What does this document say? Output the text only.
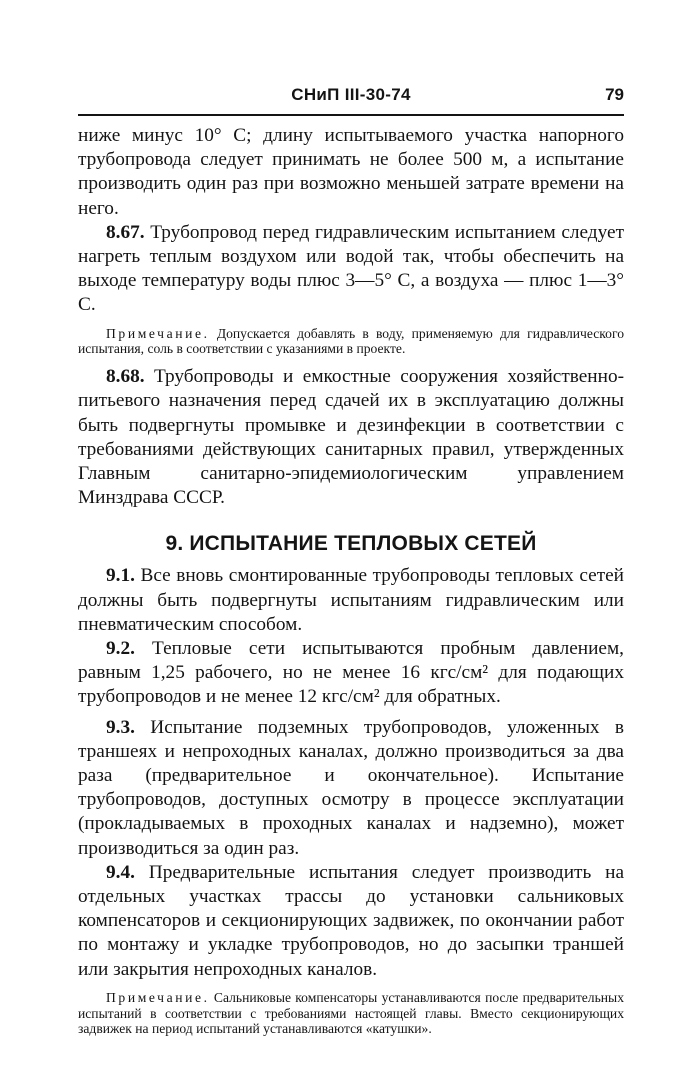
СНиП III-30-74	79

ниже минус 10° С; длину испытываемого участка напорного трубопровода следует принимать не более 500 м, а испытание производить один раз при возможно меньшей затрате времени на него.

8.67. Трубопровод перед гидравлическим испытанием следует нагреть теплым воздухом или водой так, чтобы обеспечить на выходе температуру воды плюс 3—5° С, а воздуха — плюс 1—3° С.

Примечание. Допускается добавлять в воду, применяемую для гидравлического испытания, соль в соответствии с указаниями в проекте.

8.68. Трубопроводы и емкостные сооружения хозяйственно-питьевого назначения перед сдачей их в эксплуатацию должны быть подвергнуты промывке и дезинфекции в соответствии с требованиями действующих санитарных правил, утвержденных Главным санитарно-эпидемиологическим управлением Минздрава СССР.

9. ИСПЫТАНИЕ ТЕПЛОВЫХ СЕТЕЙ

9.1. Все вновь смонтированные трубопроводы тепловых сетей должны быть подвергнуты испытаниям гидравлическим или пневматическим способом.

9.2. Тепловые сети испытываются пробным давлением, равным 1,25 рабочего, но не менее 16 кгс/см² для подающих трубопроводов и не менее 12 кгс/см² для обратных.

9.3. Испытание подземных трубопроводов, уложенных в траншеях и непроходных каналах, должно производиться за два раза (предварительное и окончательное). Испытание трубопроводов, доступных осмотру в процессе эксплуатации (прокладываемых в проходных каналах и надземно), может производиться за один раз.

9.4. Предварительные испытания следует производить на отдельных участках трассы до установки сальниковых компенсаторов и секционирующих задвижек, по окончании работ по монтажу и укладке трубопроводов, но до засыпки траншей или закрытия непроходных каналов.

Примечание. Сальниковые компенсаторы устанавливаются после предварительных испытаний в соответствии с требованиями настоящей главы. Вместо секционирующих задвижек на период испытаний устанавливаются «катушки».
